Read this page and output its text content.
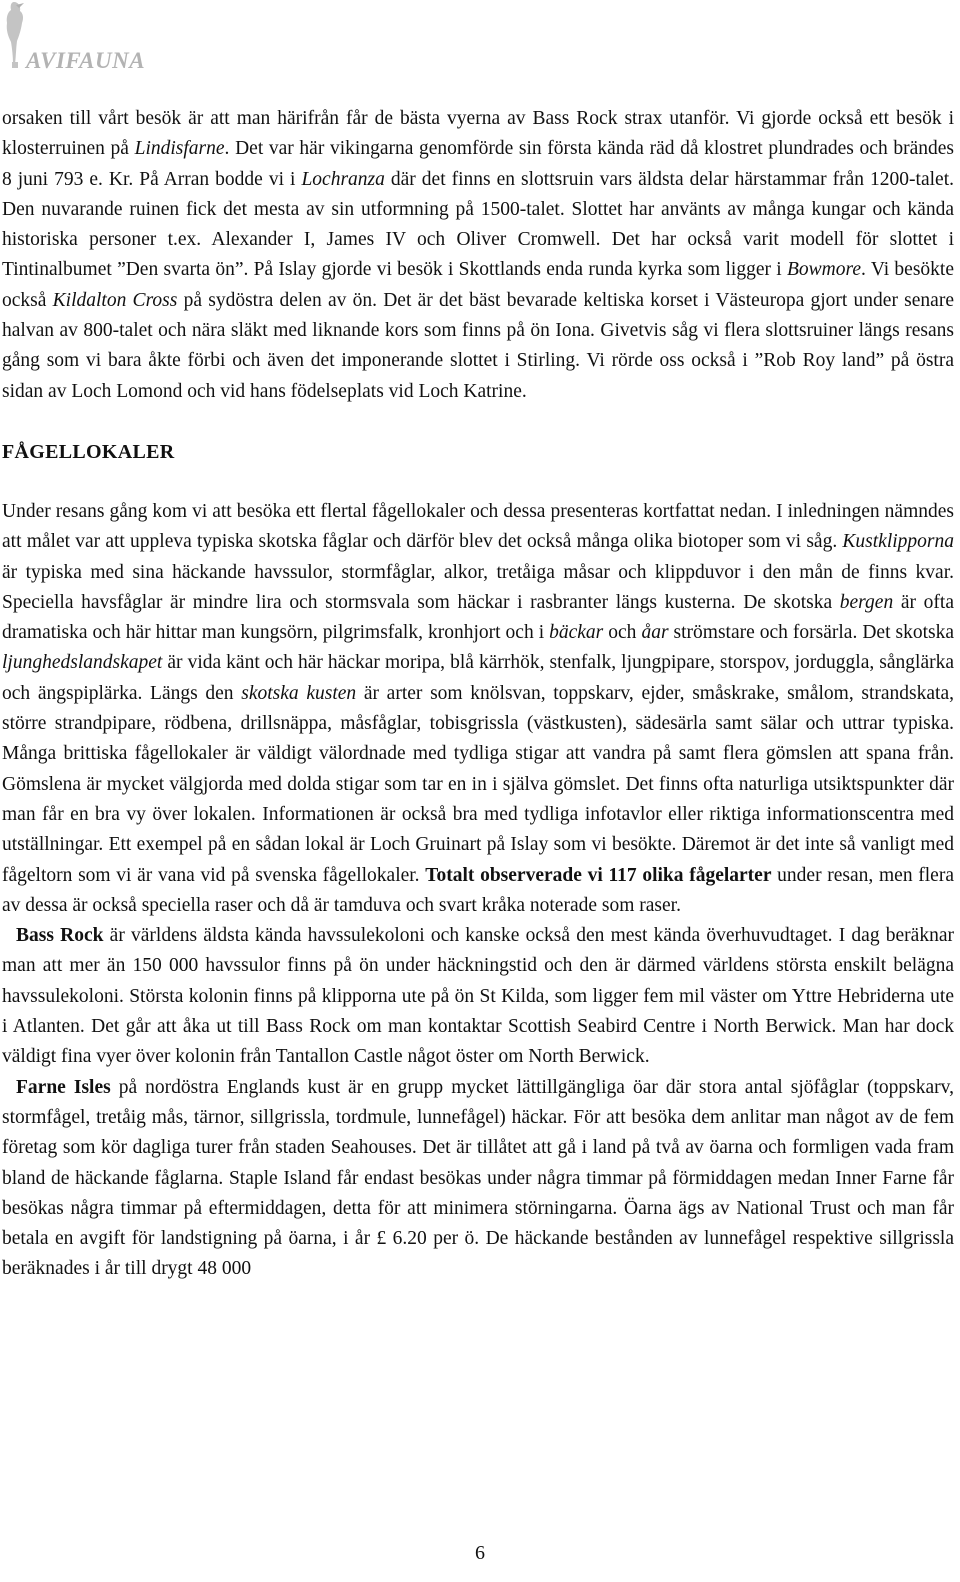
AVIFAUNA

orsaken till vårt besök är att man härifrån får de bästa vyerna av Bass Rock strax utanför. Vi gjorde också ett besök i klosterruinen på Lindisfarne. Det var här vikingarna genomförde sin första kända räd då klostret plundrades och brändes 8 juni 793 e. Kr. På Arran bodde vi i Lochranza där det finns en slottsruin vars äldsta delar härstammar från 1200-talet. Den nuvarande ruinen fick det mesta av sin utformning på 1500-talet. Slottet har använts av många kungar och kända historiska personer t.ex. Alexander I, James IV och Oliver Cromwell. Det har också varit modell för slottet i Tintinalbumet ”Den svarta ön”. På Islay gjorde vi besök i Skottlands enda runda kyrka som ligger i Bowmore. Vi besökte också Kildalton Cross på sydöstra delen av ön. Det är det bäst bevarade keltiska korset i Västeuropa gjort under senare halvan av 800-talet och nära släkt med liknande kors som finns på ön Iona. Givetvis såg vi flera slottsruiner längs resans gång som vi bara åkte förbi och även det imponerande slottet i Stirling. Vi rörde oss också i ”Rob Roy land” på östra sidan av Loch Lomond och vid hans födelseplats vid Loch Katrine.

FÅGELLOKALER

Under resans gång kom vi att besöka ett flertal fågellokaler och dessa presenteras kortfattat nedan. I inledningen nämndes att målet var att uppleva typiska skotska fåglar och därför blev det också många olika biotoper som vi såg. Kustklipporna är typiska med sina häckande havssulor, stormfåglar, alkor, tretåiga måsar och klippduvor i den mån de finns kvar. Speciella havsfåglar är mindre lira och stormsvala som häckar i rasbranter längs kusterna. De skotska bergen är ofta dramatiska och här hittar man kungsörn, pilgrimsfalk, kronhjort och i bäckar och åar strömstare och forsärla. Det skotska ljunghedslandskapet är vida känt och här häckar moripa, blå kärrhök, stenfalk, ljungpipare, storspov, jorduggla, sånglärka och ängspiplärka. Längs den skotska kusten är arter som knölsvan, toppskarv, ejder, småskrake, smålom, strandskata, större strandpipare, rödbena, drillsnäppa, måsfåglar, tobisgrissla (västkusten), sädesärla samt sälar och uttrar typiska. Många brittiska fågellokaler är väldigt välordnade med tydliga stigar att vandra på samt flera gömslen att spana från. Gömslena är mycket välgjorda med dolda stigar som tar en in i själva gömslet. Det finns ofta naturliga utsiktspunkter där man får en bra vy över lokalen. Informationen är också bra med tydliga infotavlor eller riktiga informationscentra med utställningar. Ett exempel på en sådan lokal är Loch Gruinart på Islay som vi besökte. Däremot är det inte så vanligt med fågeltorn som vi är vana vid på svenska fågellokaler. Totalt observerade vi 117 olika fågelarter under resan, men flera av dessa är också speciella raser och då är tamduva och svart kråka noterade som raser.

Bass Rock är världens äldsta kända havssulekoloni och kanske också den mest kända överhuvudtaget. I dag beräknar man att mer än 150 000 havssulor finns på ön under häckningstid och den är därmed världens största enskilt belägna havssulekoloni. Största kolonin finns på klipporna ute på ön St Kilda, som ligger fem mil väster om Yttre Hebriderna ute i Atlanten. Det går att åka ut till Bass Rock om man kontaktar Scottish Seabird Centre i North Berwick. Man har dock väldigt fina vyer över kolonin från Tantallon Castle något öster om North Berwick.

Farne Isles på nordöstra Englands kust är en grupp mycket lättillgängliga öar där stora antal sjöfåglar (toppskarv, stormfågel, tretåig mås, tärnor, sillgrissla, tordmule, lunnefågel) häckar. För att besöka dem anlitar man något av de fem företag som kör dagliga turer från staden Seahouses. Det är tillåtet att gå i land på två av öarna och formligen vada fram bland de häckande fåglarna. Staple Island får endast besökas under några timmar på förmiddagen medan Inner Farne får besökas några timmar på eftermiddagen, detta för att minimera störningarna. Öarna ägs av National Trust och man får betala en avgift för landstigning på öarna, i år £ 6.20 per ö. De häckande bestånden av lunnefågel respektive sillgrissla beräknades i år till drygt 48 000

6
